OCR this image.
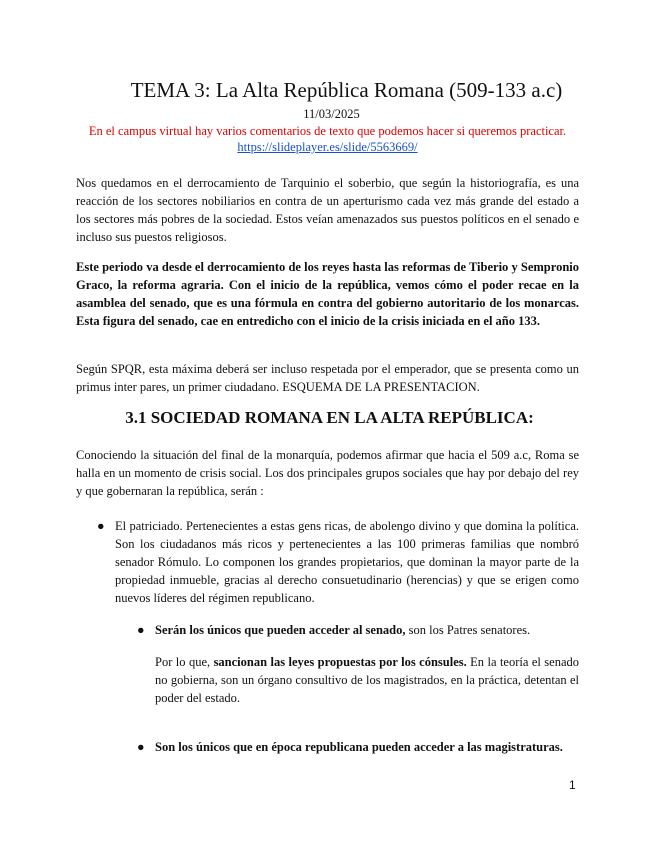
TEMA 3: La Alta República Romana (509-133 a.c)
11/03/2025
En el campus virtual hay varios comentarios de texto que podemos hacer si queremos practicar.
https://slideplayer.es/slide/5563669/

Nos quedamos en el derrocamiento de Tarquinio el soberbio, que según la historiografía, es una reacción de los sectores nobiliarios en contra de un aperturismo cada vez más grande del estado a los sectores más pobres de la sociedad. Estos veían amenazados sus puestos políticos en el senado e incluso sus puestos religiosos.

Este periodo va desde el derrocamiento de los reyes hasta las reformas de Tiberio y Sempronio Graco, la reforma agraria. Con el inicio de la república, vemos cómo el poder recae en la asamblea del senado, que es una fórmula en contra del gobierno autoritario de los monarcas. Esta figura del senado, cae en entredicho con el inicio de la crisis iniciada en el año 133.

Según SPQR, esta máxima deberá ser incluso respetada por el emperador, que se presenta como un primus inter pares, un primer ciudadano. ESQUEMA DE LA PRESENTACION.

3.1 SOCIEDAD ROMANA EN LA ALTA REPÚBLICA:

Conociendo la situación del final de la monarquía, podemos afirmar que hacia el 509 a.c, Roma se halla en un momento de crisis social. Los dos principales grupos sociales que hay por debajo del rey y que gobernaran la república, serán :

● El patriciado. Pertenecientes a estas gens ricas, de abolengo divino y que domina la política. Son los ciudadanos más ricos y pertenecientes a las 100 primeras familias que nombró senador Rómulo. Lo componen los grandes propietarios, que dominan la mayor parte de la propiedad inmueble, gracias al derecho consuetudinario (herencias) y que se erigen como nuevos líderes del régimen republicano.
● Serán los únicos que pueden acceder al senado, son los Patres senatores.
Por lo que, sancionan las leyes propuestas por los cónsules. En la teoría el senado no gobierna, son un órgano consultivo de los magistrados, en la práctica, detentan el poder del estado.
● Son los únicos que en época republicana pueden acceder a las magistraturas.
1
